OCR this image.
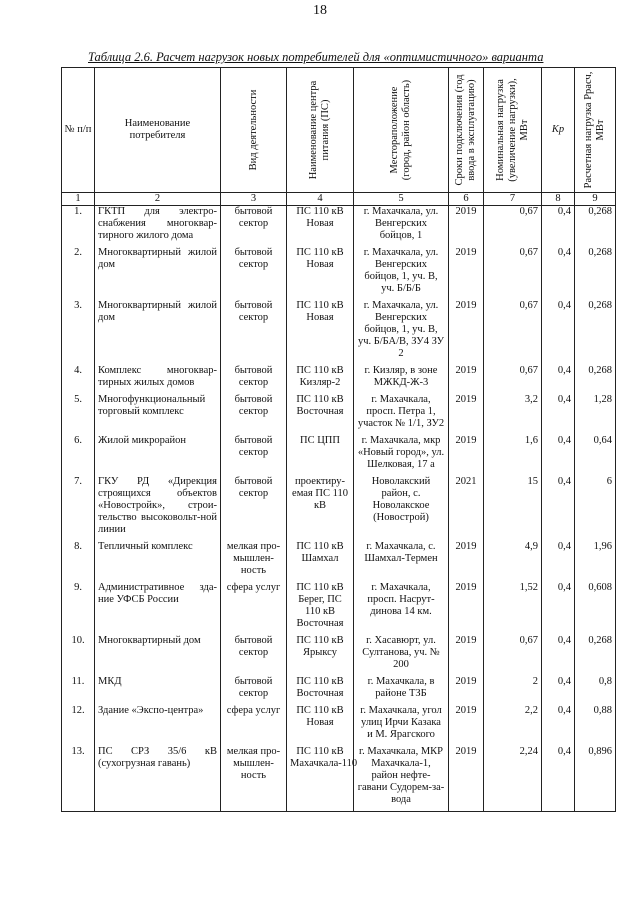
18
Таблица 2.6. Расчет нагрузок новых потребителей для «оптимистичного» варианта
№ п/п	Наименование потребителя	Вид деятельности	Наименование центра питания (ПС)	Местораположение (город, район область)	Сроки подключения (год ввода в эксплуатацию)	Номинальная нагрузка (увеличение нагрузки), МВт	Кр	Расчетная нагрузка Ррасч, МВт

1	2	3	4	5	6	7	8	9
1.	ГКТП для электро-снабжения многоквар-тирного жилого дома	бытовой сектор	ПС 110 кВ Новая	г. Махачкала, ул. Венгерских бойцов, 1	2019	0,67	0,4	0,268
2.	Многоквартирный жилой дом	бытовой сектор	ПС 110 кВ Новая	г. Махачкала, ул. Венгерских бойцов, 1, уч. В, уч. Б/Б/Б	2019	0,67	0,4	0,268
3.	Многоквартирный жилой дом	бытовой сектор	ПС 110 кВ Новая	г. Махачкала, ул. Венгерских бойцов, 1, уч. В, уч. Б/БА/В, ЗУ4 ЗУ 2	2019	0,67	0,4	0,268
4.	Комплекс многоквар-тирных жилых домов	бытовой сектор	ПС 110 кВ Кизляр-2	г. Кизляр, в зоне МЖКД-Ж-3	2019	0,67	0,4	0,268
5.	Многофункциональный торговый комплекс	бытовой сектор	ПС 110 кВ Восточная	г. Махачкала, просп. Петра 1, участок № 1/1, ЗУ2	2019	3,2	0,4	1,28
6.	Жилой микрорайон	бытовой сектор	ПС ЦПП	г. Махачкала, мкр «Новый город», ул. Шелковая, 17 а	2019	1,6	0,4	0,64
7.	ГКУ РД «Дирекция строящихся объектов «Новостройк», строи-тельство высоковольт-ной линии	бытовой сектор	проектиру-емая ПС 110 кВ	Новолакский район, с. Новолакское (Новострой)	2021	15	0,4	6
8.	Тепличный комплекс	мелкая про-мышлен-ность	ПС 110 кВ Шамхал	г. Махачкала, с. Шамхал-Термен	2019	4,9	0,4	1,96
9.	Административное зда-ние УФСБ России	сфера услуг	ПС 110 кВ Берег, ПС 110 кВ Восточная	г. Махачкала, просп. Насрут-динова 14 км.	2019	1,52	0,4	0,608
10.	Многоквартирный дом	бытовой сектор	ПС 110 кВ Ярыксу	г. Хасавюрт, ул. Султанова, уч. № 200	2019	0,67	0,4	0,268
11.	МКД	бытовой сектор	ПС 110 кВ Восточная	г. Махачкала, в районе ТЗБ	2019	2	0,4	0,8
12.	Здание «Экспо-центра»	сфера услуг	ПС 110 кВ Новая	г. Махачкала, угол улиц Ирчи Казака и М. Ярагского	2019	2,2	0,4	0,88
13.	ПС СРЗ 35/6 кВ (сухогрузная гавань)	мелкая про-мышлен-ность	ПС 110 кВ Махачкала-110	г. Махачкала, МКР Махачкала-1, район нефте-гавани Судорем-за-вода	2019	2,24	0,4	0,896
